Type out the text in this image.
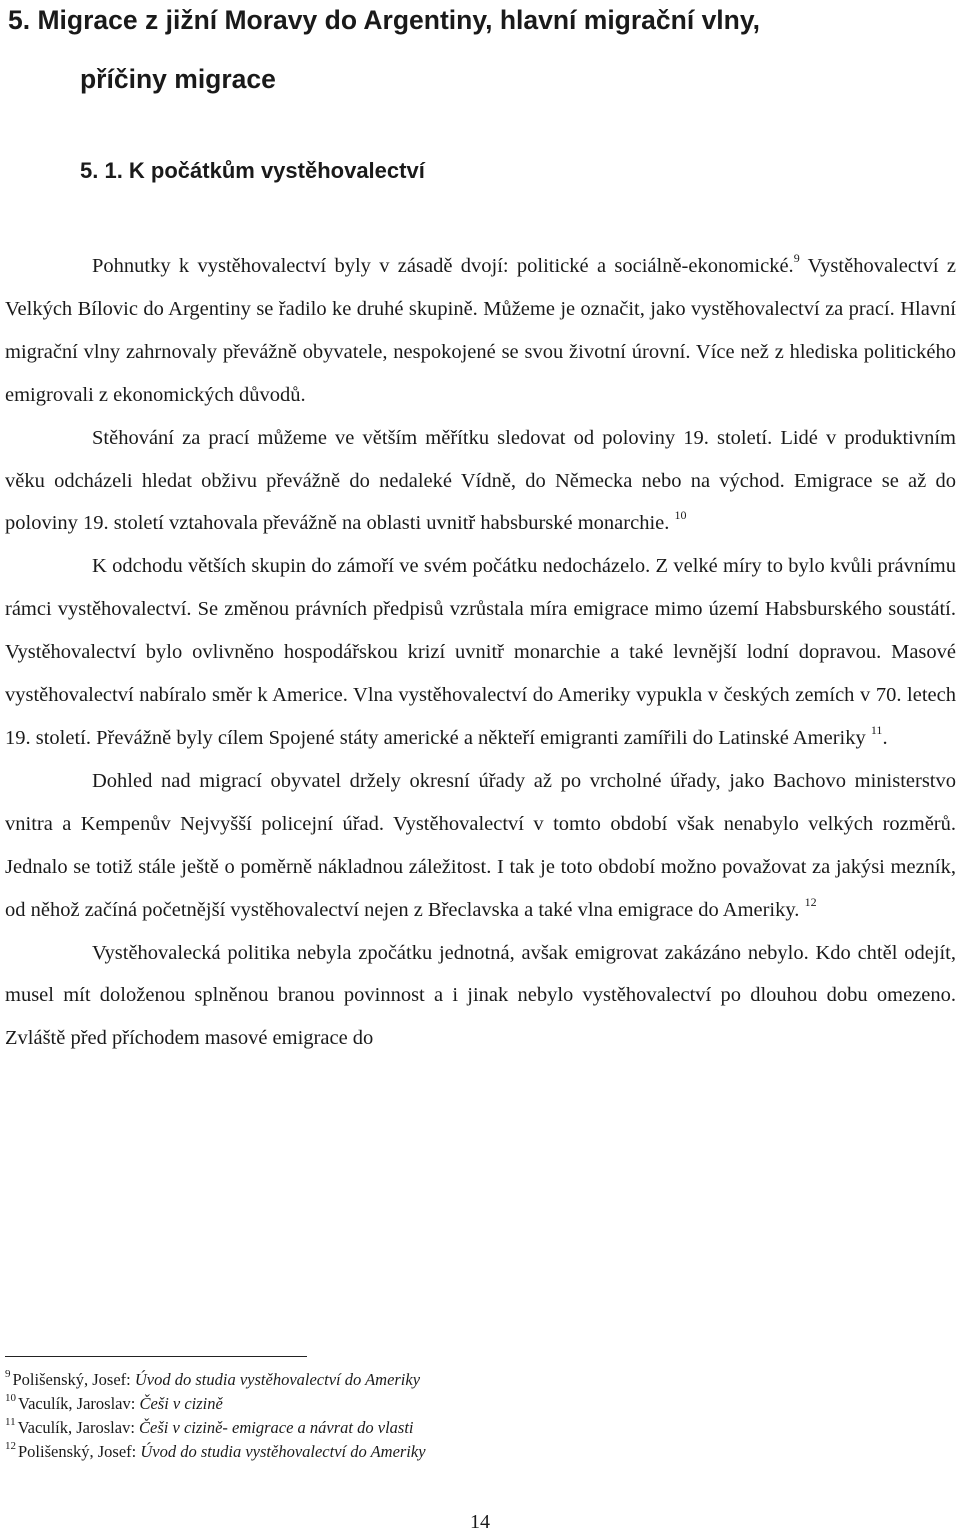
5. Migrace z jižní Moravy do Argentiny, hlavní migrační vlny,
příčiny migrace
5. 1. K počátkům vystěhovalectví

Pohnutky k vystěhovalectví byly v zásadě dvojí: politické a sociálně-ekonomické.$^9$ Vystěhovalectví z Velkých Bílovic do Argentiny se řadilo ke druhé skupině. Můžeme je označit, jako vystěhovalectví za prací. Hlavní migrační vlny zahrnovaly převážně obyvatele, nespokojené se svou životní úrovní. Více než z hlediska politického emigrovali z ekonomických důvodů.

Stěhování za prací můžeme ve větším měřítku sledovat od poloviny 19. století. Lidé v produktivním věku odcházeli hledat obživu převážně do nedaleké Vídně, do Německa nebo na východ. Emigrace se až do poloviny 19. století vztahovala převážně na oblasti uvnitř habsburské monarchie. $^{10}$

K odchodu větších skupin do zámoří ve svém počátku nedocházelo. Z velké míry to bylo kvůli právnímu rámci vystěhovalectví. Se změnou právních předpisů vzrůstala míra emigrace mimo území Habsburského soustátí. Vystěhovalectví bylo ovlivněno hospodářskou krizí uvnitř monarchie a také levnější lodní dopravou. Masové vystěhovalectví nabíralo směr k Americe. Vlna vystěhovalectví do Ameriky vypukla v českých zemích v 70. letech 19. století. Převážně byly cílem Spojené státy americké a někteří emigranti zamířili do Latinské Ameriky $^{11}$.

Dohled nad migrací obyvatel držely okresní úřady až po vrcholné úřady, jako Bachovo ministerstvo vnitra a Kempenův Nejvyšší policejní úřad. Vystěhovalectví v tomto období však nenabylo velkých rozměrů. Jednalo se totiž stále ještě o poměrně nákladnou záležitost. I tak je toto období možno považovat za jakýsi mezník, od něhož začíná početnější vystěhovalectví nejen z Břeclavska a také vlna emigrace do Ameriky. $^{12}$

Vystěhovalecká politika nebyla zpočátku jednotná, avšak emigrovat zakázáno nebylo. Kdo chtěl odejít, musel mít doloženou splněnou branou povinnost a i jinak nebylo vystěhovalectví po dlouhou dobu omezeno. Zvláště před příchodem masové emigrace do

$^9$ Polišenský, Josef: Úvod do studia vystěhovalectví do Ameriky
$^{10}$ Vaculík, Jaroslav: Češi v cizině
$^{11}$ Vaculík, Jaroslav: Češi v cizině- emigrace a návrat do vlasti
$^{12}$ Polišenský, Josef: Úvod do studia vystěhovalectví do Ameriky
14
